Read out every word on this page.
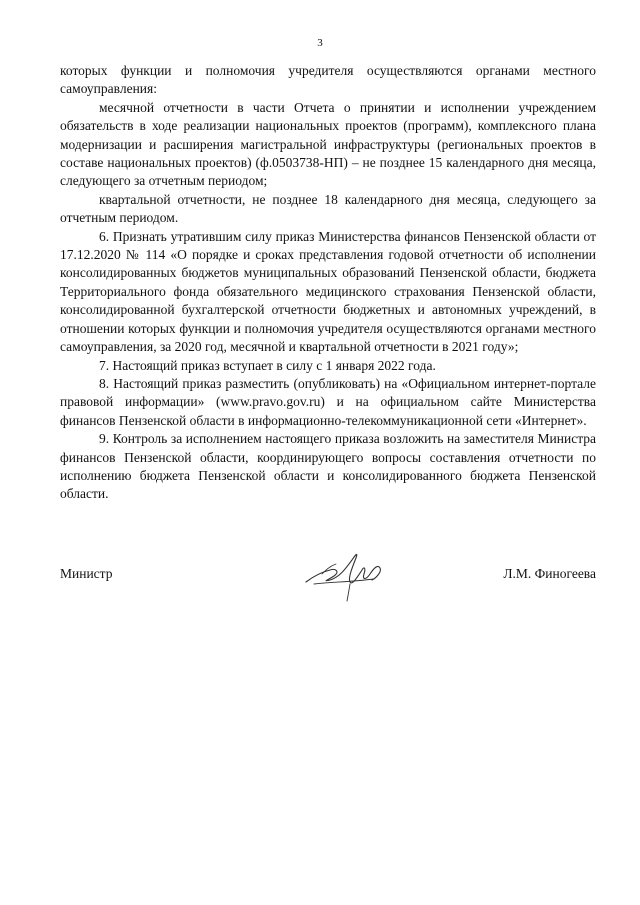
3

которых функции и полномочия учредителя осуществляются органами местного самоуправления:

месячной отчетности в части Отчета о принятии и исполнении учреждением обязательств в ходе реализации национальных проектов (программ), комплексного плана модернизации и расширения магистральной инфраструктуры (региональных проектов в составе национальных проектов) (ф.0503738-НП) – не позднее 15 календарного дня месяца, следующего за отчетным периодом;

квартальной отчетности, не позднее 18 календарного дня месяца, следующего за отчетным периодом.

6. Признать утратившим силу приказ Министерства финансов Пензенской области от 17.12.2020 № 114 «О порядке и сроках представления годовой отчетности об исполнении консолидированных бюджетов муниципальных образований Пензенской области, бюджета Территориального фонда обязательного медицинского страхования Пензенской области, консолидированной бухгалтерской отчетности бюджетных и автономных учреждений, в отношении которых функции и полномочия учредителя осуществляются органами местного самоуправления, за 2020 год, месячной и квартальной отчетности в 2021 году»;

7. Настоящий приказ вступает в силу с 1 января 2022 года.

8. Настоящий приказ разместить (опубликовать) на «Официальном интернет-портале правовой информации» (www.pravo.gov.ru) и на официальном сайте Министерства финансов Пензенской области в информационно-телекоммуникационной сети «Интернет».

9. Контроль за исполнением настоящего приказа возложить на заместителя Министра финансов Пензенской области, координирующего вопросы составления отчетности по исполнению бюджета Пензенской области и консолидированного бюджета Пензенской области.

Министр	Л.М. Финогеева
